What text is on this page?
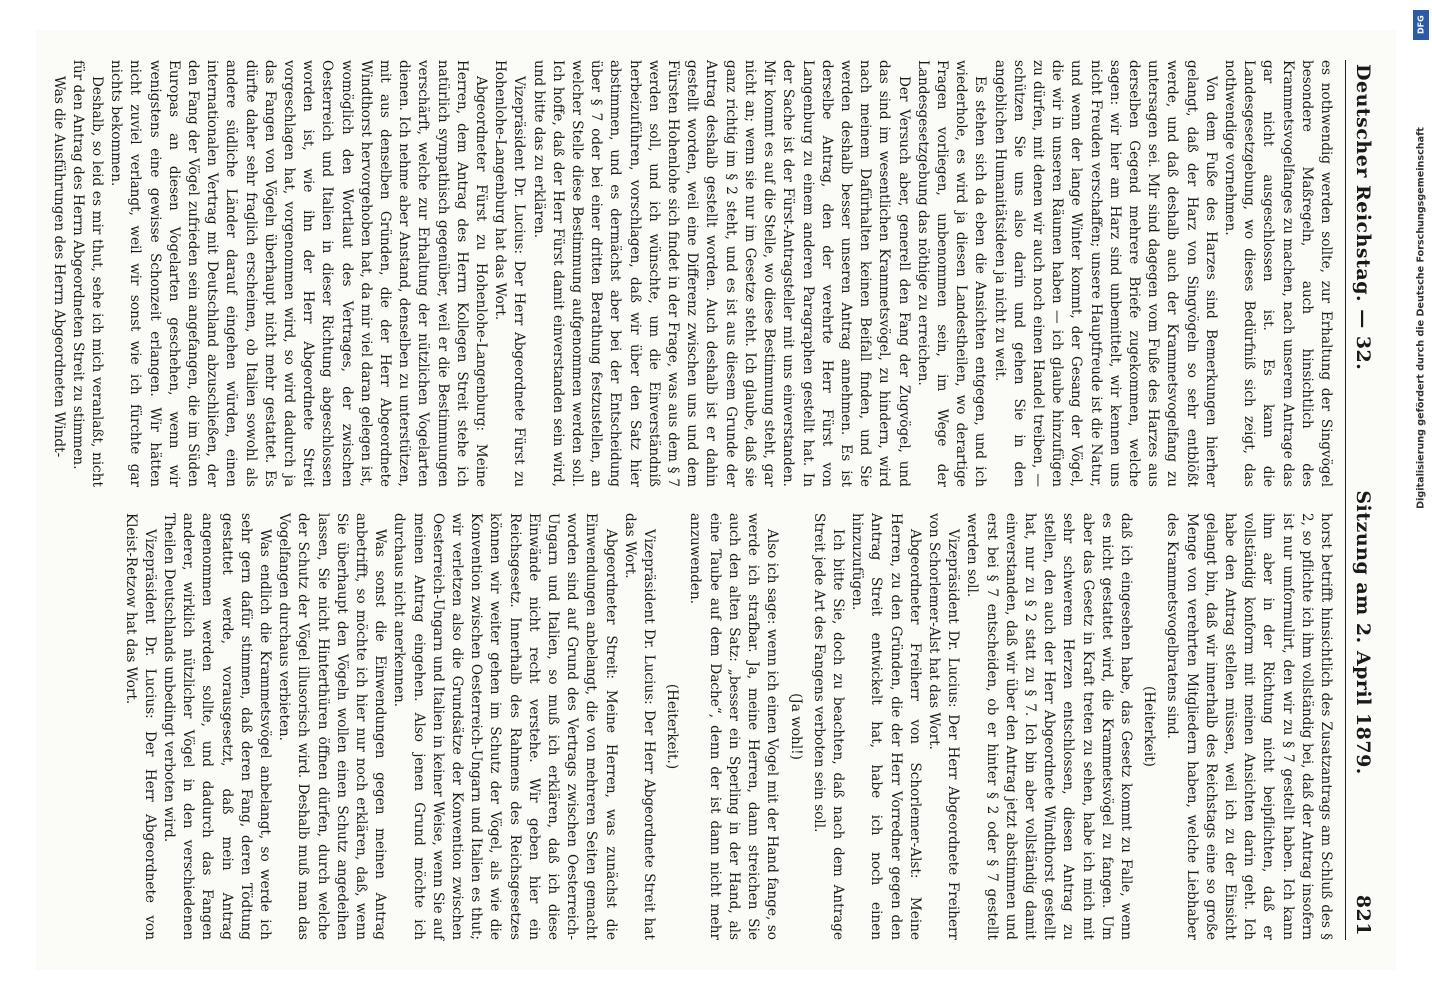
Deutscher Reichstag. — 32.
Sitzung am 2. April 1879.
821

es nothwendig werden sollte, zur Erhaltung der Singvögel besondere Maßregeln, auch hinsichtlich des Krammetsvogelfanges zu machen, nach unserem Antrage das gar nicht ausgeschlossen ist. Es kann die Landesgesetzgebung, wo dieses Bedürfniß sich zeigt, das nothwendige vornehmen.

Von dem Fuße des Harzes sind Bemerkungen hierher gelangt, daß der Harz von Singvögeln so sehr entblößt werde, und daß deshalb auch der Krammetsvogelfang zu untersagen sei. Mir sind dagegen vom Fuße des Harzes aus derselben Gegend mehrere Briefe zugekommen, welche sagen: wir hier am Harz sind unbemittelt, wir kennen uns nicht Freuden verschaffen; unsere Hauptfreude ist die Natur, und wenn der lange Winter kommt, der Gesang der Vögel, die wir in unseren Räumen haben — ich glaube hinzufügen zu dürfen, mit denen wir auch noch einen Handel treiben, — schützen Sie uns also darin und gehen Sie in den angeblichen Humanitätsideen ja nicht zu weit.

Es stehen sich da eben die Ansichten entgegen, und ich wiederhole, es wird ja diesen Landestheilen, wo derartige Fragen vorliegen, unbenommen sein, im Wege der Landesgesetzgebung das nöthige zu erreichen.

Der Versuch aber, generell den Fang der Zugvögel, und das sind im wesentlichen Krammetsvögel, zu hindern, wird nach meinem Dafürhalten keinen Beifall finden, und Sie werden deshalb besser unseren Antrag annehmen. Es ist derselbe Antrag, den der verehrte Herr Fürst von Langenburg zu einem anderen Paragraphen gestellt hat. In der Sache ist der Fürst-Antragsteller mit uns einverstanden. Mir kommt es auf die Stelle, wo diese Bestimmung steht, gar nicht an; wenn sie nur im Gesetze steht. Ich glaube, daß sie ganz richtig im § 2 steht, und es ist aus diesem Grunde der Antrag deshalb gestellt worden. Auch deshalb ist er dahin gestellt worden, weil eine Differenz zwischen uns und dem Fürsten Hohenlohe sich findet in der Frage, was aus dem § 7 werden soll, und ich wünschte, um die Einverständniß herbeizuführen, vorschlagen, daß wir über den Satz hier abstimmen, und es dermächst aber bei der Entscheidung über § 7 oder bei einer dritten Berathung festzustellen, an welcher Stelle diese Bestimmung aufgenommen werden soll. Ich hoffe, daß der Herr Fürst damit einverstanden sein wird, und bitte das zu erklären.

Vizepräsident Dr. Lucius: Der Herr Abgeordnete Fürst zu Hohenlohe-Langenburg hat das Wort.

Abgeordneter Fürst zu Hohenlohe-Langenburg: Meine Herren, dem Antrag des Herrn Kollegen Streit stehe ich natürlich sympathisch gegenüber, weil er die Bestimmungen verschärft, welche zur Erhaltung der nützlichen Vogelarten dienen. Ich nehme aber Anstand, denselben zu unterstützen, mit aus denselben Gründen, die der Herr Abgeordnete Windthorst hervorgehoben hat, da mir viel daran gelegen ist, womöglich den Wortlaut des Vertrages, der zwischen Oesterreich und Italien in dieser Richtung abgeschlossen worden ist, wie ihn der Herr Abgeordnete Streit vorgeschlagen hat, vorgenommen wird, so wird dadurch ja das Fangen von Vögeln überhaupt nicht mehr gestattet. Es dürfte daher sehr fraglich erscheinen, ob Italien sowohl als andere südliche Länder darauf eingehen würden, einen internationalen Vertrag mit Deutschland abzuschließen, der den Fang der Vögel zufrieden sein angefangen, die im Süden Europas an diesen Vogelarten geschehen, wenn wir wenigstens eine gewisse Schonzeit erlangen. Wir hätten nicht zuviel verlangt, weil wir sonst wie ich fürchte gar nichts bekommen.

Deshalb, so leid es mir thut, sehe ich mich veranlaßt, nicht für den Antrag des Herrn Abgeordneten Streit zu stimmen.

Was die Ausführungen des Herrn Abgeordneten Windt-

horst betrifft hinsichtlich des Zusatzantrags am Schluß des § 2, so pflichte ich ihm vollständig bei, daß der Antrag insofern ist nur umformulirt, den wir zu § 7 gestellt haben. Ich kann ihm aber in der Richtung nicht beipflichten, daß er vollständig konform mit meinen Ansichten darin geht. Ich habe den Antrag stellen müssen, weil ich zu der Einsicht gelangt bin, daß wir innerhalb des Reichstags eine so große Menge von verehrten Mitgliedern haben, welche Liebhaber des Krammetsvogelbratens sind.

(Heiterkeit)

daß ich eingesehen habe, das Gesetz kommt zu Falle, wenn es nicht gestattet wird, die Krammetsvögel zu fangen. Um aber das Gesetz in Kraft treten zu sehen, habe ich mich mit sehr schwerem Herzen entschlossen, diesen Antrag zu stellen, den auch der Herr Abgeordnete Windthorst gestellt hat, nur zu § 2 statt zu § 7. Ich bin aber vollständig damit einverstanden, daß wir über den Antrag jetzt abstimmen und erst bei § 7 entscheiden, ob er hinter § 2 oder § 7 gestellt werden soll.

Vizepräsident Dr. Lucius: Der Herr Abgeordnete Freiherr von Schorlemer-Alst hat das Wort.

Abgeordneter Freiherr von Schorlemer-Alst: Meine Herren, zu den Gründen, die der Herr Vorredner gegen den Antrag Streit entwickelt hat, habe ich noch einen hinzuzufügen.

Ich bitte Sie, doch zu beachten, daß nach dem Antrage Streit jede Art des Fangens verboten sein soll.

(Ja wohl!)

Also ich sage: wenn ich einen Vogel mit der Hand fange, so werde ich strafbar. Ja, meine Herren, dann streichen Sie auch den alten Satz: „besser ein Sperling in der Hand, als eine Taube auf dem Dache“, denn der ist dann nicht mehr anzuwenden.

(Heiterkeit.)

Vizepräsident Dr. Lucius: Der Herr Abgeordnete Streit hat das Wort.

Abgeordneter Streit: Meine Herren, was zunächst die Einwendungen anbelangt, die von mehreren Seiten gemacht worden sind auf Grund des Vertrags zwischen Oesterreich-Ungarn und Italien, so muß ich erklären, daß ich diese Einwände nicht recht verstehe. Wir geben hier ein Reichsgesetz. Innerhalb des Rahmens des Reichsgesetzes können wir weiter gehen im Schutz der Vögel, als wie die Konvention zwischen Oesterreich-Ungarn und Italien es thut; wir verletzen also die Grundsätze der Konvention zwischen Oesterreich-Ungarn und Italien in keiner Weise, wenn Sie auf meinen Antrag eingehen. Also jenen Grund möchte ich durchaus nicht anerkennen.

Was sonst die Einwendungen gegen meinen Antrag anbetrifft, so möchte ich hier nur noch erklären, daß, wenn Sie überhaupt den Vögeln wollen einen Schutz angedeihen lassen, Sie nicht Hinterthüren öffnen dürfen, durch welche der Schutz der Vögel illusorisch wird. Deshalb muß man das Vogelfangen durchaus verbieten.

Was endlich die Krammetsvögel anbelangt, so werde ich sehr gern dafür stimmen, daß deren Fang, deren Tödtung gestattet werde, vorausgesetzt, daß mein Antrag angenommen werden sollte, und dadurch das Fangen anderer, wirklich nützlicher Vögel in den verschiedenen Theilen Deutschlands unbedingt verboten wird.

Vizepräsident Dr. Lucius: Der Herr Abgeordnete von Kleist-Retzow hat das Wort.

DFG
Digitalisierung gefördert durch die Deutsche Forschungsgemeinschaft
